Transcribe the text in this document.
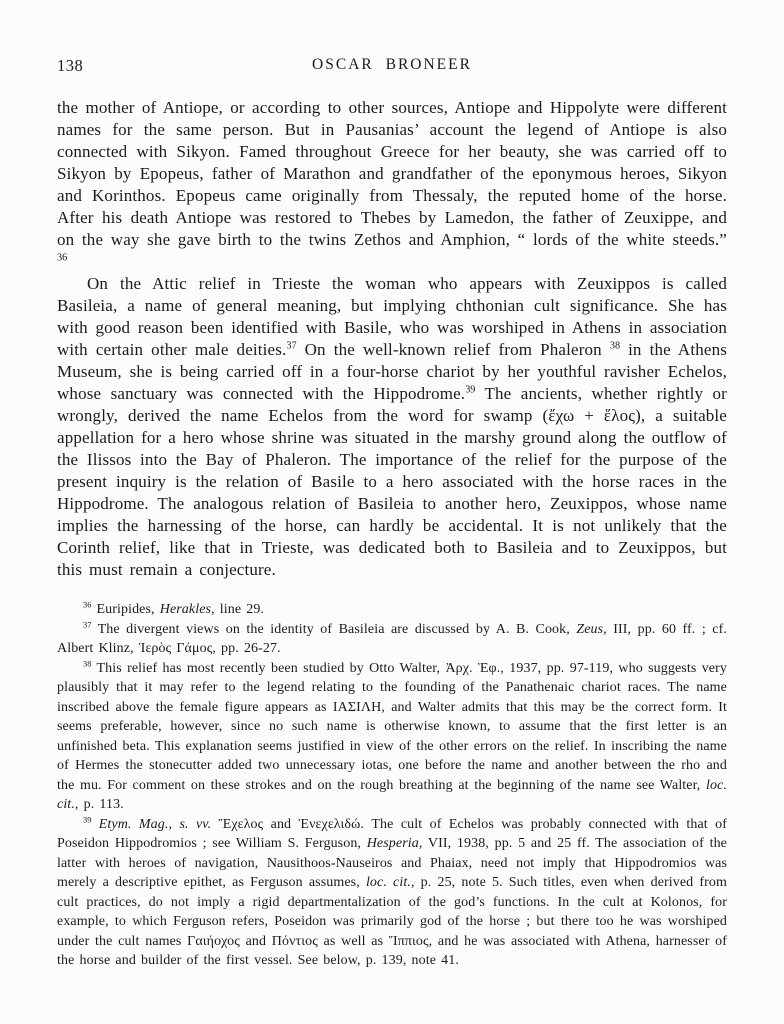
138	OSCAR BRONEER

the mother of Antiope, or according to other sources, Antiope and Hippolyte were different names for the same person. But in Pausanias’ account the legend of Antiope is also connected with Sikyon. Famed throughout Greece for her beauty, she was carried off to Sikyon by Epopeus, father of Marathon and grandfather of the eponymous heroes, Sikyon and Korinthos. Epopeus came originally from Thessaly, the reputed home of the horse. After his death Antiope was restored to Thebes by Lamedon, the father of Zeuxippe, and on the way she gave birth to the twins Zethos and Amphion, “ lords of the white steeds.” $^{36}$

On the Attic relief in Trieste the woman who appears with Zeuxippos is called Basileia, a name of general meaning, but implying chthonian cult significance. She has with good reason been identified with Basile, who was worshiped in Athens in association with certain other male deities.$^{37}$ On the well-known relief from Phaleron $^{38}$ in the Athens Museum, she is being carried off in a four-horse chariot by her youthful ravisher Echelos, whose sanctuary was connected with the Hippodrome.$^{39}$ The ancients, whether rightly or wrongly, derived the name Echelos from the word for swamp (ἔχω + ἕλος), a suitable appellation for a hero whose shrine was situated in the marshy ground along the outflow of the Ilissos into the Bay of Phaleron. The importance of the relief for the purpose of the present inquiry is the relation of Basile to a hero associated with the horse races in the Hippodrome. The analogous relation of Basileia to another hero, Zeuxippos, whose name implies the harnessing of the horse, can hardly be accidental. It is not unlikely that the Corinth relief, like that in Trieste, was dedicated both to Basileia and to Zeuxippos, but this must remain a conjecture.

$^{36}$ Euripides, Herakles, line 29.

$^{37}$ The divergent views on the identity of Basileia are discussed by A. B. Cook, Zeus, III, pp. 60 ff. ; cf. Albert Klinz, Ἱερὸς Γάμος, pp. 26-27.

$^{38}$ This relief has most recently been studied by Otto Walter, Ἀρχ. Ἐφ., 1937, pp. 97-119, who suggests very plausibly that it may refer to the legend relating to the founding of the Panathenaic chariot races. The name inscribed above the female figure appears as ΙΑΣΙΛΗ, and Walter admits that this may be the correct form. It seems preferable, however, since no such name is otherwise known, to assume that the first letter is an unfinished beta. This explanation seems justified in view of the other errors on the relief. In inscribing the name of Hermes the stonecutter added two unnecessary iotas, one before the name and another between the rho and the mu. For comment on these strokes and on the rough breathing at the beginning of the name see Walter, loc. cit., p. 113.

$^{39}$ Etym. Mag., s. vv. Ἔχελος and Ἐνεχελιδώ. The cult of Echelos was probably connected with that of Poseidon Hippodromios ; see William S. Ferguson, Hesperia, VII, 1938, pp. 5 and 25 ff. The association of the latter with heroes of navigation, Nausithoos-Nauseiros and Phaiax, need not imply that Hippodromios was merely a descriptive epithet, as Ferguson assumes, loc. cit., p. 25, note 5. Such titles, even when derived from cult practices, do not imply a rigid departmentalization of the god’s functions. In the cult at Kolonos, for example, to which Ferguson refers, Poseidon was primarily god of the horse ; but there too he was worshiped under the cult names Γαιήοχος and Πόντιος as well as Ἵππιος, and he was associated with Athena, harnesser of the horse and builder of the first vessel. See below, p. 139, note 41.
